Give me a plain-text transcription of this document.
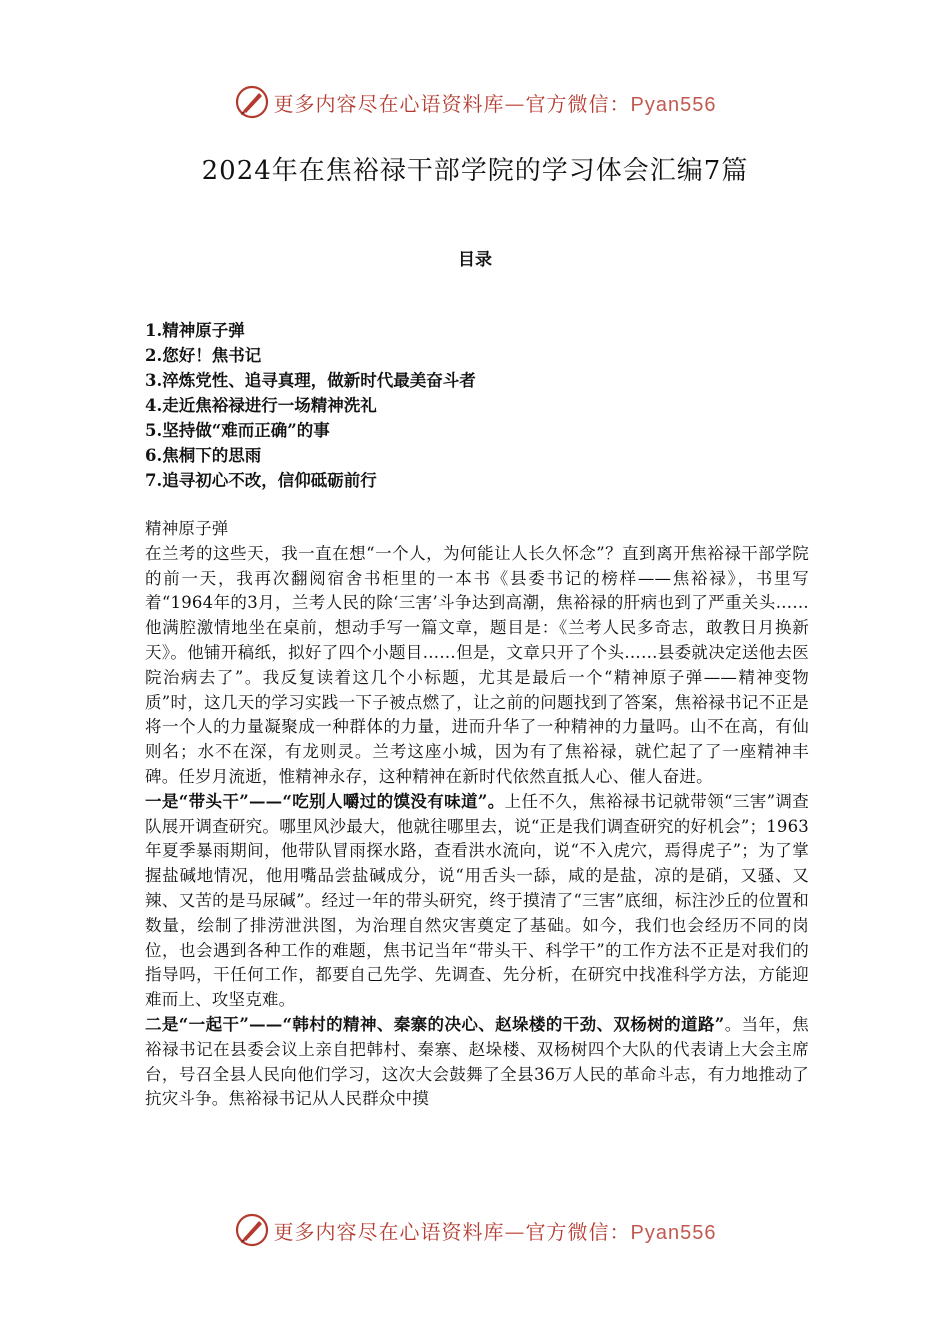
更多内容尽在心语资料库—官方微信：Pyan556
2024年在焦裕禄干部学院的学习体会汇编7篇
目录
1.精神原子弹
2.您好！焦书记
3.淬炼党性、追寻真理，做新时代最美奋斗者
4.走近焦裕禄进行一场精神洗礼
5.坚持做“难而正确”的事
6.焦桐下的思雨
7.追寻初心不改，信仰砥砺前行

精神原子弹

在兰考的这些天，我一直在想“一个人，为何能让人长久怀念”？直到离开焦裕禄干部学院的前一天，我再次翻阅宿舍书柜里的一本书《县委书记的榜样——焦裕禄》，书里写着“1964年的3月，兰考人民的除‘三害’斗争达到高潮，焦裕禄的肝病也到了严重关头……他满腔激情地坐在桌前，想动手写一篇文章，题目是：《兰考人民多奇志，敢教日月换新天》。他铺开稿纸，拟好了四个小题目……但是，文章只开了个头……县委就决定送他去医院治病去了”。我反复读着这几个小标题，尤其是最后一个“精神原子弹——精神变物质”时，这几天的学习实践一下子被点燃了，让之前的问题找到了答案，焦裕禄书记不正是将一个人的力量凝聚成一种群体的力量，进而升华了一种精神的力量吗。山不在高，有仙则名；水不在深，有龙则灵。兰考这座小城，因为有了焦裕禄，就伫起了了一座精神丰碑。任岁月流逝，惟精神永存，这种精神在新时代依然直抵人心、催人奋进。

一是“带头干”——“吃别人嚼过的馍没有味道”。上任不久，焦裕禄书记就带领“三害”调查队展开调查研究。哪里风沙最大，他就往哪里去，说“正是我们调查研究的好机会”；1963年夏季暴雨期间，他带队冒雨探水路，查看洪水流向，说“不入虎穴，焉得虎子”；为了掌握盐碱地情况，他用嘴品尝盐碱成分，说“用舌头一舔，咸的是盐，凉的是硝，又骚、又辣、又苦的是马尿碱”。经过一年的带头研究，终于摸清了“三害”底细，标注沙丘的位置和数量，绘制了排涝泄洪图，为治理自然灾害奠定了基础。如今，我们也会经历不同的岗位，也会遇到各种工作的难题，焦书记当年“带头干、科学干”的工作方法不正是对我们的指导吗，干任何工作，都要自己先学、先调查、先分析，在研究中找准科学方法，方能迎难而上、攻坚克难。

二是“一起干”——“韩村的精神、秦寨的决心、赵垛楼的干劲、双杨树的道路”。当年，焦裕禄书记在县委会议上亲自把韩村、秦寨、赵垛楼、双杨树四个大队的代表请上大会主席台，号召全县人民向他们学习，这次大会鼓舞了全县36万人民的革命斗志，有力地推动了抗灾斗争。焦裕禄书记从人民群众中摸

更多内容尽在心语资料库—官方微信：Pyan556
